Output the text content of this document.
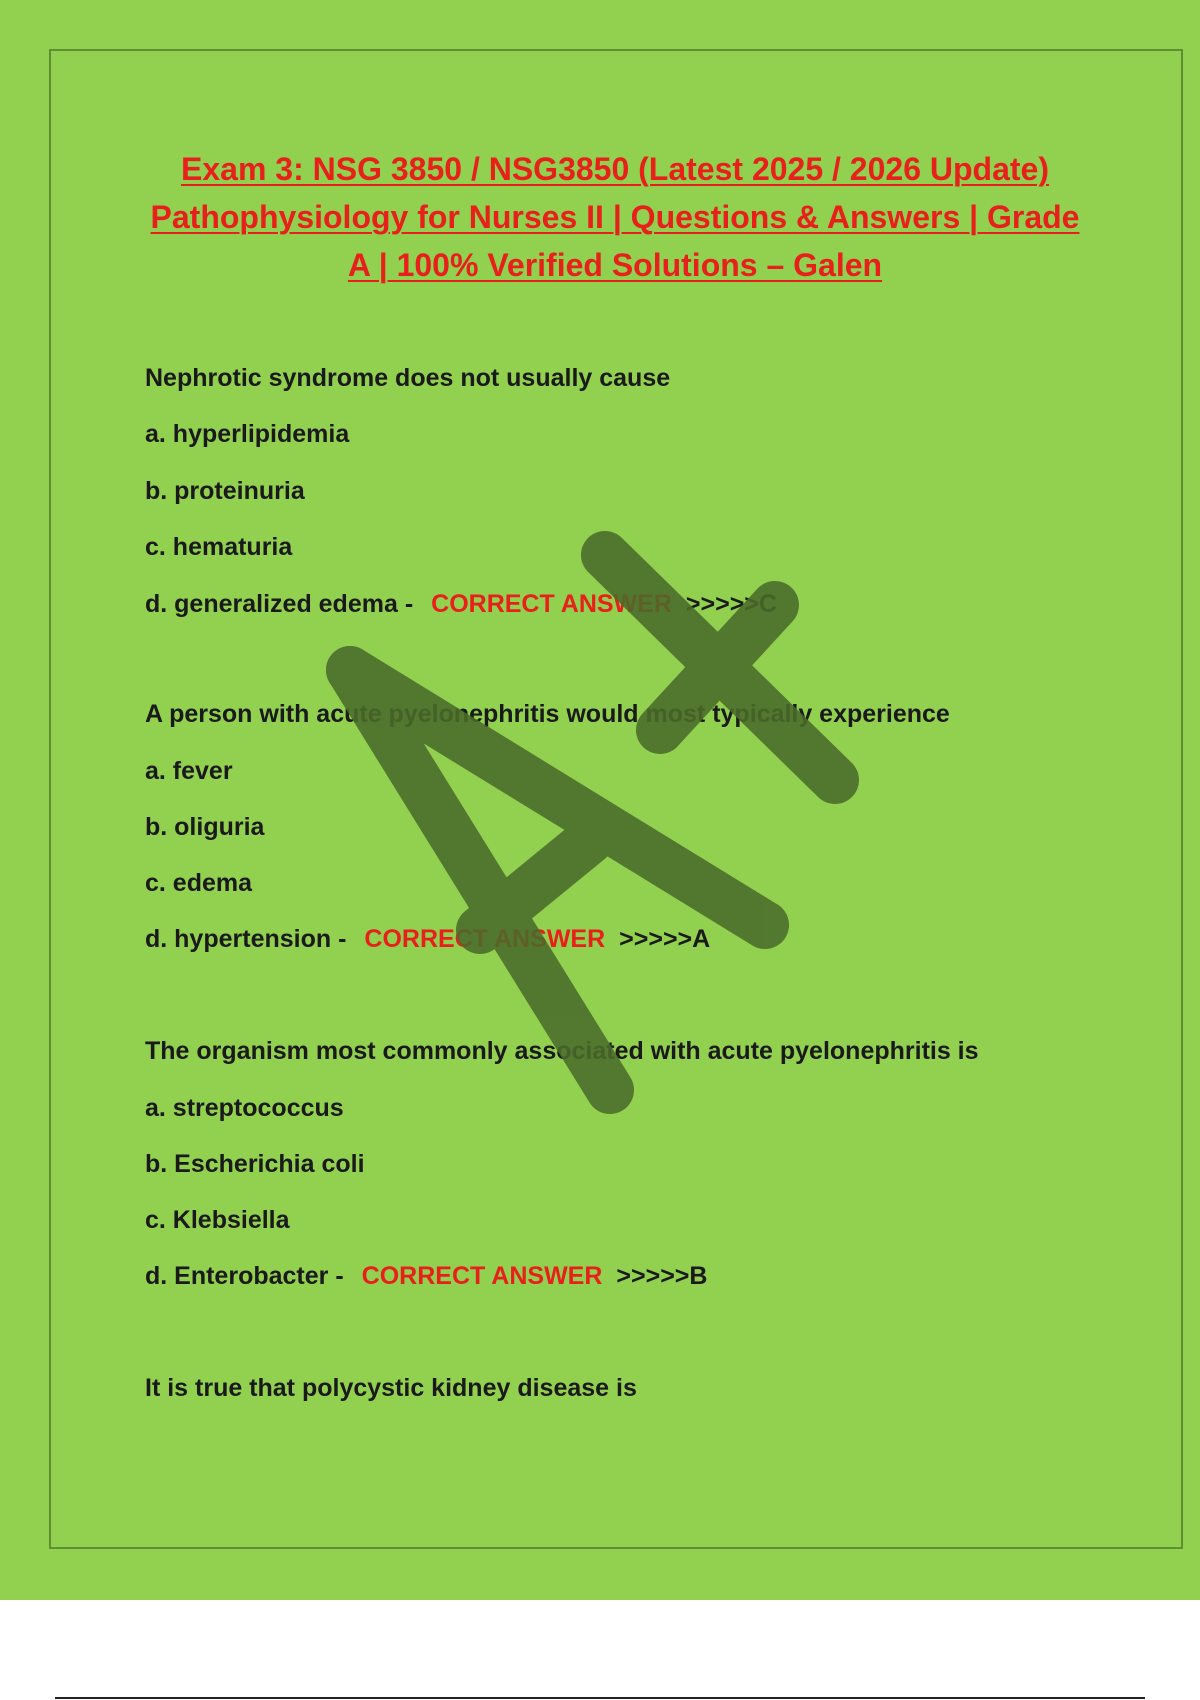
Exam 3: NSG 3850 / NSG3850 (Latest 2025 / 2026 Update)
Pathophysiology for Nurses II | Questions & Answers | Grade
A | 100% Verified Solutions – Galen
Nephrotic syndrome does not usually cause
a. hyperlipidemia
b. proteinuria
c. hematuria
d. generalized edema - CORRECT ANSWER >>>>>C
A person with acute pyelonephritis would most typically experience
a. fever
b. oliguria
c. edema
d. hypertension - CORRECT ANSWER >>>>>A
The organism most commonly associated with acute pyelonephritis is
a. streptococcus
b. Escherichia coli
c. Klebsiella
d. Enterobacter - CORRECT ANSWER >>>>>B
It is true that polycystic kidney disease is
